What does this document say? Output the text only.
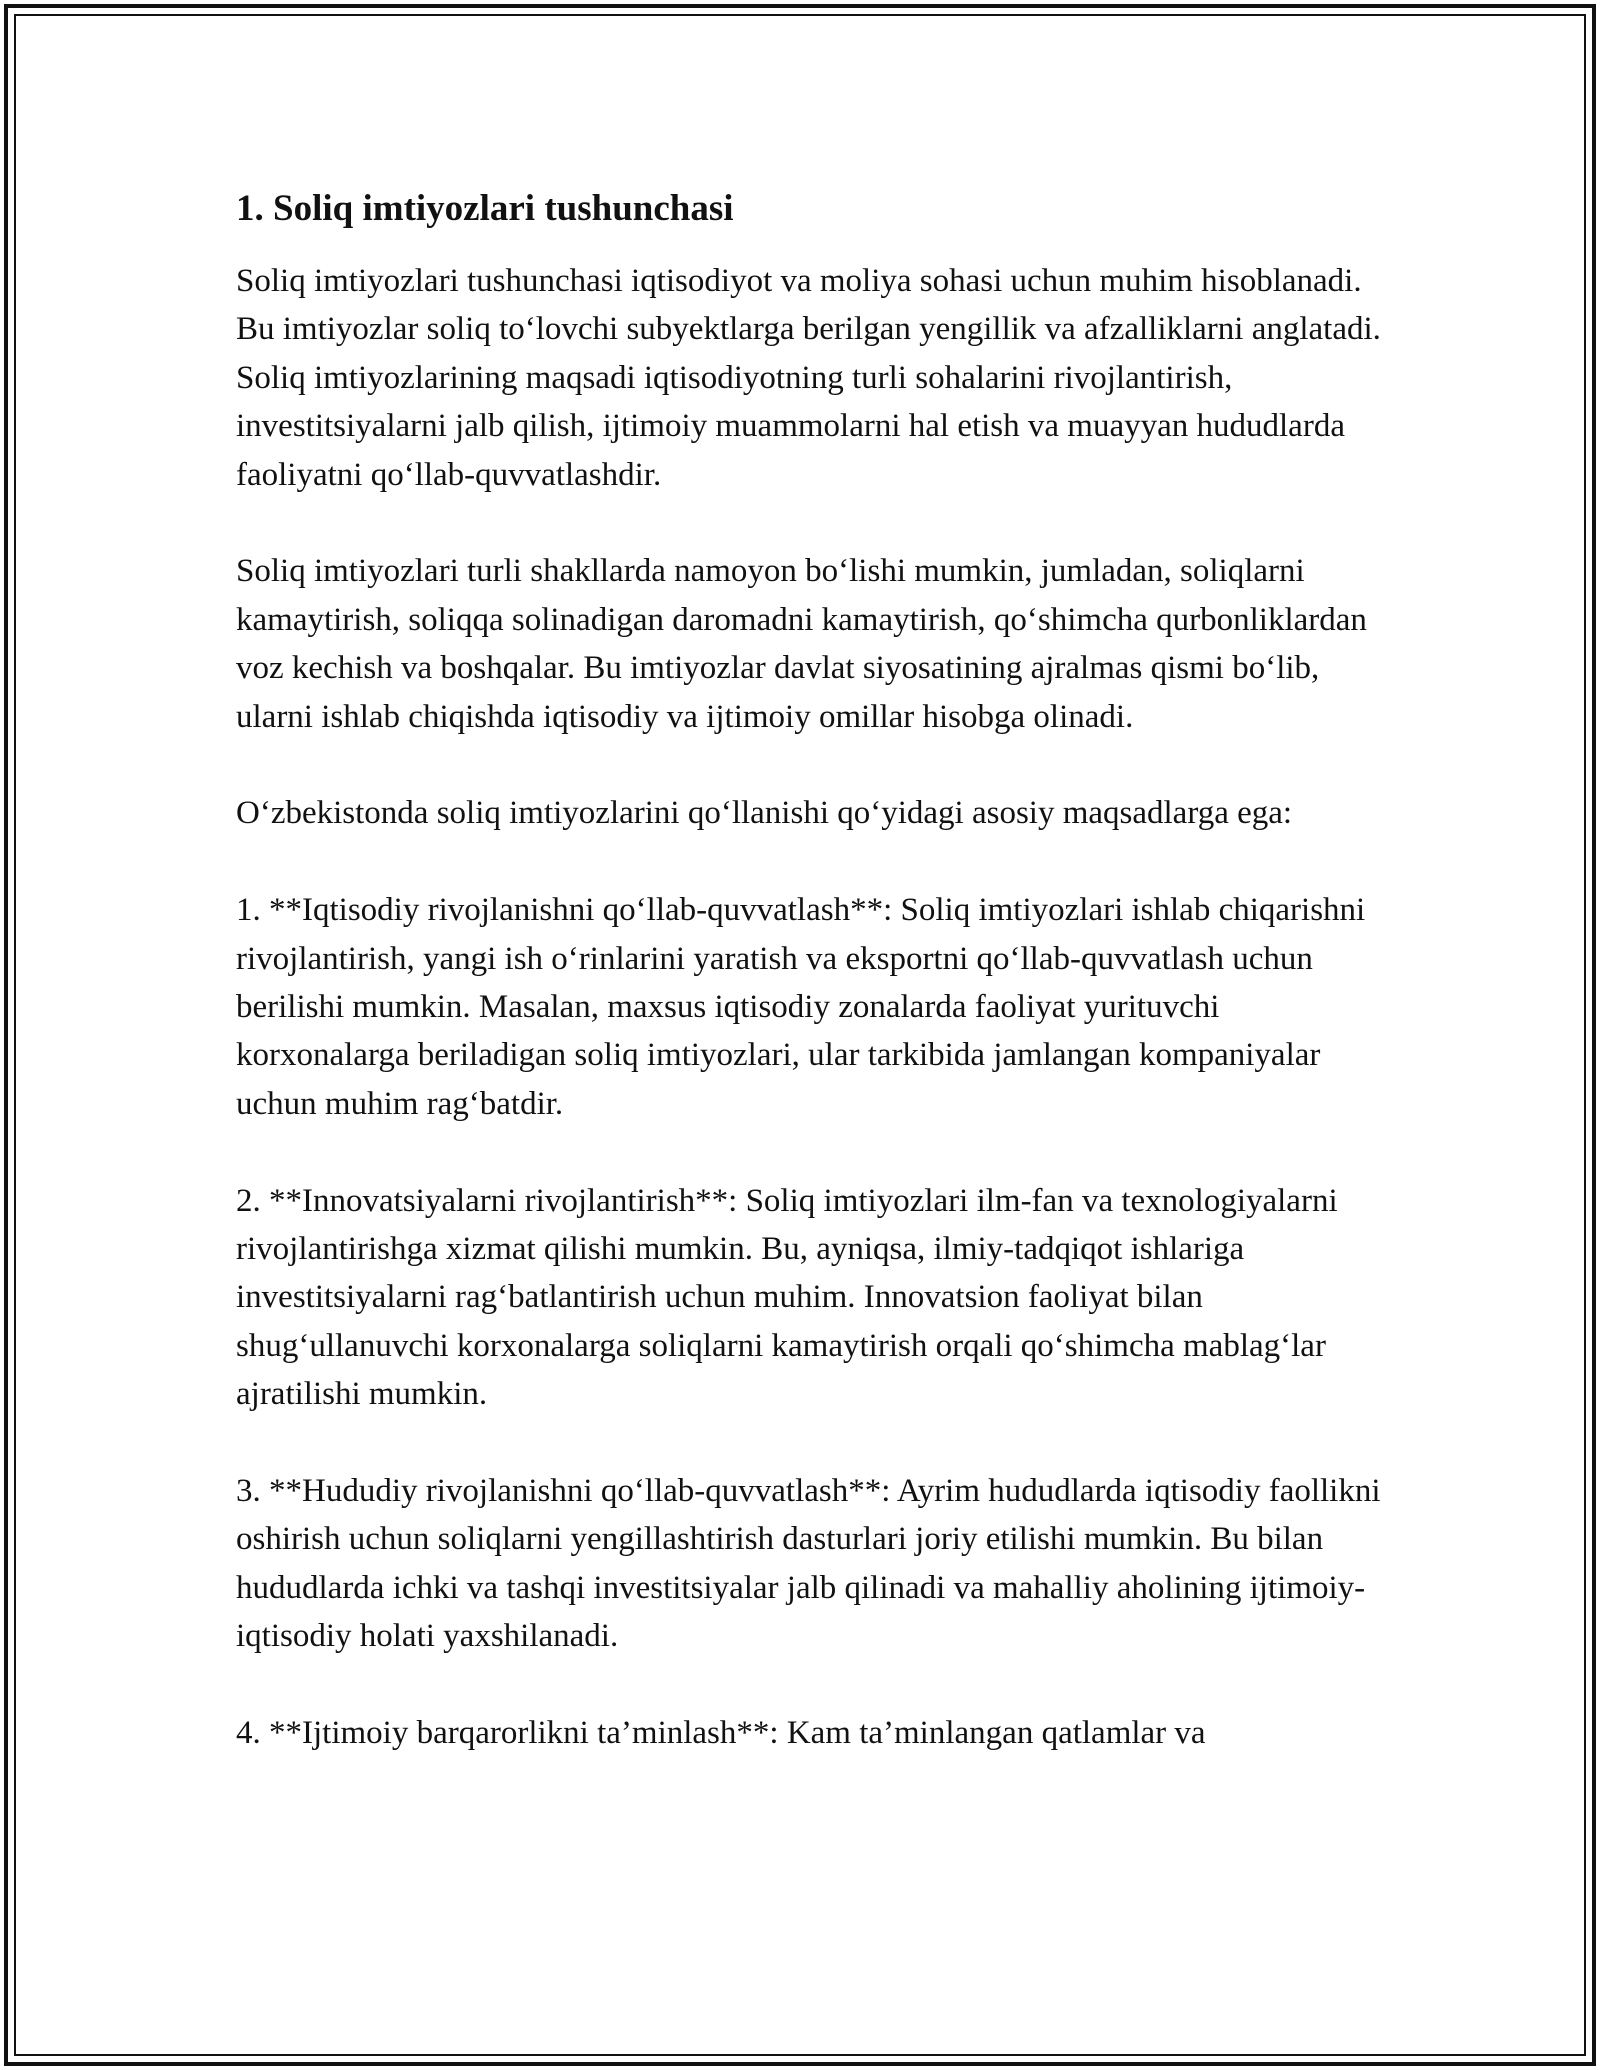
1. Soliq imtiyozlari tushunchasi

Soliq imtiyozlari tushunchasi iqtisodiyot va moliya sohasi uchun muhim hisoblanadi. Bu imtiyozlar soliq to‘lovchi subyektlarga berilgan yengillik va afzalliklarni anglatadi. Soliq imtiyozlarining maqsadi iqtisodiyotning turli sohalarini rivojlantirish, investitsiyalarni jalb qilish, ijtimoiy muammolarni hal etish va muayyan hududlarda faoliyatni qo‘llab-quvvatlashdir.

Soliq imtiyozlari turli shakllarda namoyon bo‘lishi mumkin, jumladan, soliqlarni kamaytirish, soliqqa solinadigan daromadni kamaytirish, qo‘shimcha qurbonliklardan voz kechish va boshqalar. Bu imtiyozlar davlat siyosatining ajralmas qismi bo‘lib, ularni ishlab chiqishda iqtisodiy va ijtimoiy omillar hisobga olinadi.

O‘zbekistonda soliq imtiyozlarini qo‘llanishi qo‘yidagi asosiy maqsadlarga ega:

1. **Iqtisodiy rivojlanishni qo‘llab-quvvatlash**: Soliq imtiyozlari ishlab chiqarishni rivojlantirish, yangi ish o‘rinlarini yaratish va eksportni qo‘llab-quvvatlash uchun berilishi mumkin. Masalan, maxsus iqtisodiy zonalarda faoliyat yurituvchi korxonalarga beriladigan soliq imtiyozlari, ular tarkibida jamlangan kompaniyalar uchun muhim rag‘batdir.

2. **Innovatsiyalarni rivojlantirish**: Soliq imtiyozlari ilm-fan va texnologiyalarni rivojlantirishga xizmat qilishi mumkin. Bu, ayniqsa, ilmiy-tadqiqot ishlariga investitsiyalarni rag‘batlantirish uchun muhim. Innovatsion faoliyat bilan shug‘ullanuvchi korxonalarga soliqlarni kamaytirish orqali qo‘shimcha mablag‘lar ajratilishi mumkin.

3. **Hududiy rivojlanishni qo‘llab-quvvatlash**: Ayrim hududlarda iqtisodiy faollikni oshirish uchun soliqlarni yengillashtirish dasturlari joriy etilishi mumkin. Bu bilan hududlarda ichki va tashqi investitsiyalar jalb qilinadi va mahalliy aholining ijtimoiy-iqtisodiy holati yaxshilanadi.

4. **Ijtimoiy barqarorlikni ta’minlash**: Kam ta’minlangan qatlamlar va
